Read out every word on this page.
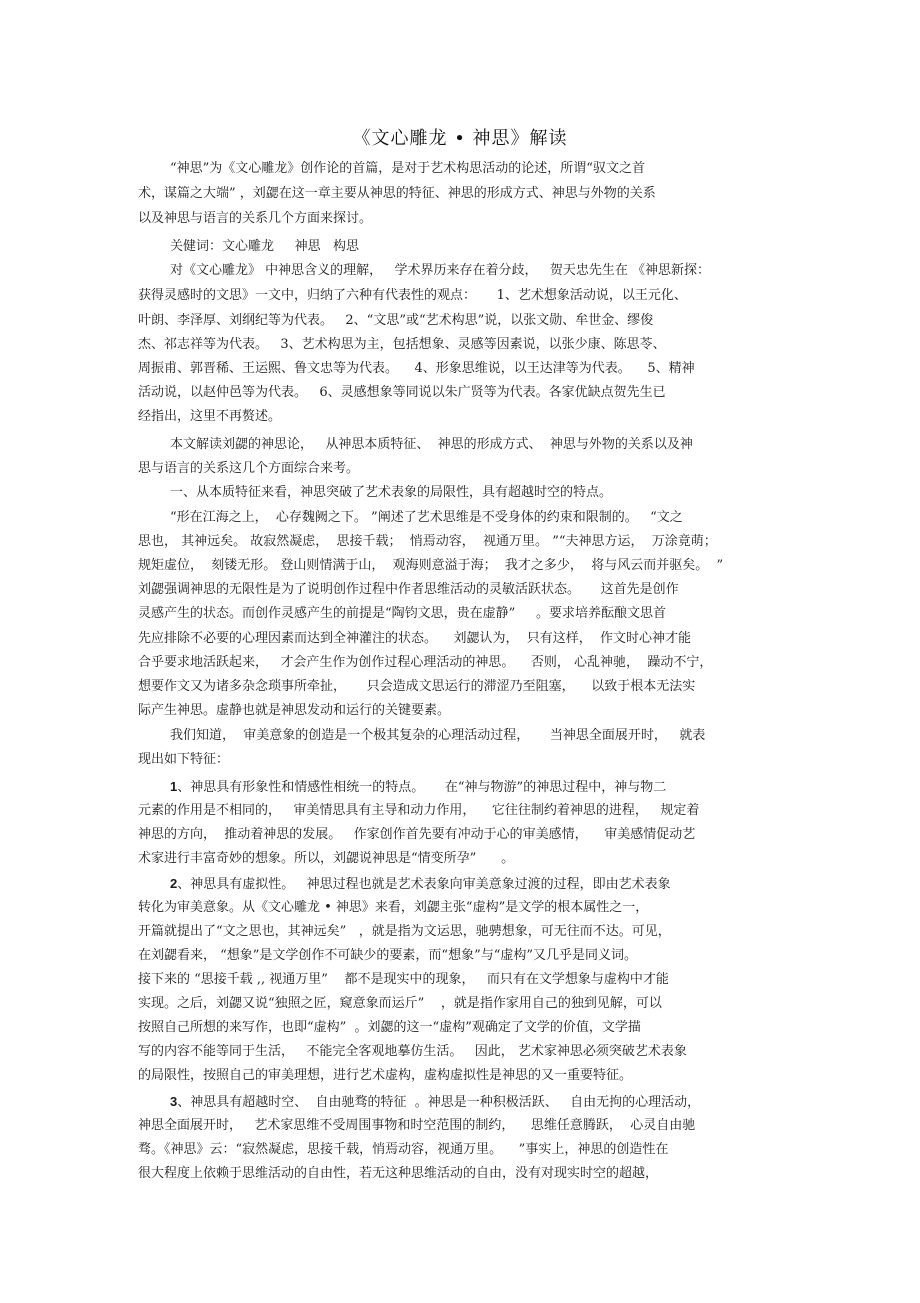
《文心雕龙 • 神思》解读
“神思”为《文心雕龙》创作论的首篇，是对于艺术构思活动的论述，所谓“驭文之首
术，谋篇之大端” ，刘勰在这一章主要从神思的特征、神思的形成方式、神思与外物的关系
以及神思与语言的关系几个方面来探讨。
关健词：文心雕龙     神思   构思
对《文心雕龙》 中神思含义的理解，   学术界历来存在着分歧，   贺天忠先生在 《神思新探：
获得灵感时的文思》一文中，归纳了六种有代表性的观点：     1、艺术想象活动说，以王元化、
叶朗、李泽厚、刘纲纪等为代表。   2、“文思”或“艺术构思”说，以张文勋、牟世金、缪俊
杰、祁志祥等为代表。   3、艺术构思为主，包括想象、灵感等因素说，以张少康、陈思苓、
周振甫、郭晋稀、王运熙、鲁文忠等为代表。    4、形象思维说，以王达津等为代表。    5、精神
活动说，以赵仲邑等为代表。   6、灵感想象等同说以朱广贤等为代表。各家优缺点贺先生已
经指出，这里不再赘述。
本文解读刘勰的神思论，   从神思本质特征、  神思的形成方式、  神思与外物的关系以及神
思与语言的关系这几个方面综合来考。
一、从本质特征来看，神思突破了艺术表象的局限性，具有超越时空的特点。
“形在江海之上，  心存魏阙之下。 ”阐述了艺术思维是不受身体的约束和限制的。   “文之
思也， 其神远矣。 故寂然凝虑，  思接千载；  悄焉动容，  视通万里。 ”“夫神思方运，  万涂竟萌；
规矩虚位，  刻镂无形。 登山则情满于山，  观海则意溢于海；  我才之多少，  将与风云而并驱矣。  ”
刘勰强调神思的无限性是为了说明创作过程中作者思维活动的灵敏活跃状态。     这首先是创作
灵感产生的状态。而创作灵感产生的前提是“陶钧文思，贵在虚静”     。要求培养酝酿文思首
先应排除不必要的心理因素而达到全神灌注的状态。    刘勰认为，  只有这样，  作文时心神才能
合乎要求地活跃起来，   才会产生作为创作过程心理活动的神思。    否则， 心乱神驰，  躁动不宁，
想要作文又为诸多杂念琐事所牵扯，     只会造成文思运行的滞涩乃至阻塞，    以致于根本无法实
际产生神思。虚静也就是神思发动和运行的关键要素。
我们知道，  审美意象的创造是一个极其复杂的心理活动过程，     当神思全面展开时，   就表
现出如下特征：
1、神思具有形象性和情感性相统一的特点。     在“神与物游”的神思过程中，神与物二
元素的作用是不相同的，   审美情思具有主导和动力作用，    它往往制约着神思的进程，   规定着
神思的方向，  推动着神思的发展。   作家创作首先要有冲动于心的审美感情，    审美感情促动艺
术家进行丰富奇妙的想象。所以，刘勰说神思是“情变所孕”      。
2、神思具有虚拟性。   神思过程也就是艺术表象向审美意象过渡的过程，即由艺术表象
转化为审美意象。从《文心雕龙 • 神思》来看，刘勰主张“虚构”是文学的根本属性之一，
开篇就提出了“文之思也，其神远矣”   ，就是指为文运思，驰骋想象，可无往而不达。可见，
在刘勰看来， “想象”是文学创作不可缺少的要素，而“想象”与“虚构”又几乎是同义词。
接下来的 “思接千载 ,, 视通万里”    都不是现实中的现象，   而只有在文学想象与虚构中才能
实现。之后，刘勰又说“独照之匠，窥意象而运斤”    ，就是指作家用自己的独到见解，可以
按照自己所想的来写作，也即“虚构”  。刘勰的这一“虚构”观确定了文学的价值，文学描
写的内容不能等同于生活，   不能完全客观地摹仿生活。   因此， 艺术家神思必须突破艺术表象
的局限性，按照自己的审美理想，进行艺术虚构，虚构虚拟性是神思的又一重要特征。
3、神思具有超越时空、  自由驰骛的特征  。神思是一种积极活跃、   自由无拘的心理活动，
神思全面展开时，   艺术家思维不受周围事物和时空范围的制约，    思维任意腾跃，  心灵自由驰
骛。《神思》云：“寂然凝虑，思接千载，悄焉动容，视通万里。    ”事实上，神思的创造性在
很大程度上依赖于思维活动的自由性，若无这种思维活动的自由，没有对现实时空的超越，
